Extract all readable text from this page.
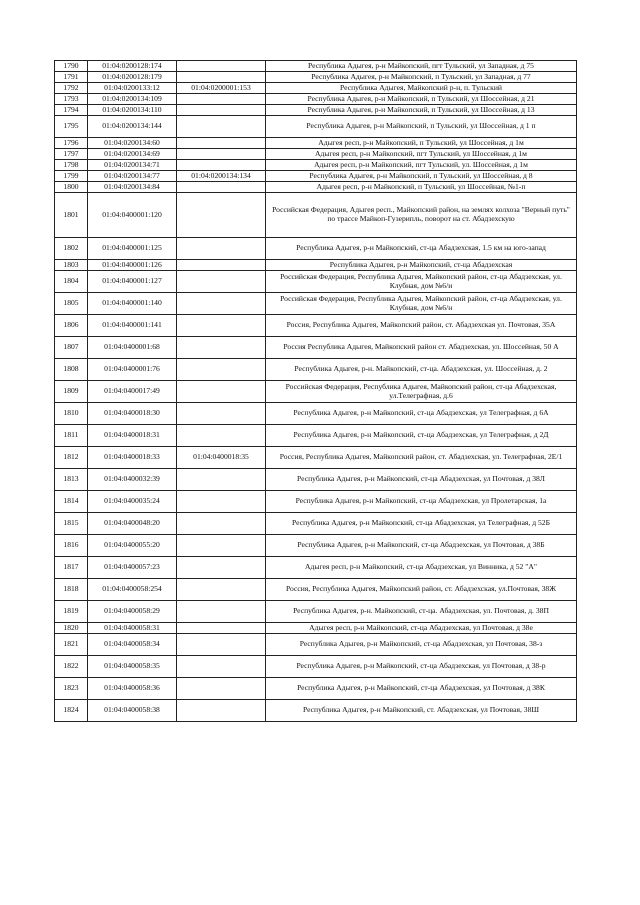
1790	01:04:0200128:174		Республика Адыгея, р-н Майкопский, пгт Тульский, ул Западная, д 75
1791	01:04:0200128:179		Республика Адыгея, р-н Майкопский, п Тульский, ул Западная, д 77
1792	01:04:0200133:12	01:04:0200001:153	Республика Адыгея, Майкопский р-н, п. Тульский
1793	01:04:0200134:109		Республика Адыгея, р-н Майкопский, п Тульский, ул Шоссейная, д 21
1794	01:04:0200134:110		Республика Адыгея, р-н Майкопский, п Тульский, ул Шоссейная, д 13
1795	01:04:0200134:144		Республика Адыгея, р-н Майкопский, п Тульский, ул Шоссейная, д 1 п
1796	01:04:0200134:60		Адыгея респ, р-н Майкопский, п Тульский, ул Шоссейная, д 1м
1797	01:04:0200134:69		Адыгея респ, р-н Майкопский, пгт Тульский, ул Шоссейная, д 1м
1798	01:04:0200134:71		Адыгея респ, р-н Майкопский, пгт Тульский, ул. Шоссейная, д 1м
1799	01:04:0200134:77	01:04:0200134:134	Республика Адыгея, р-н Майкопский, п Тульский, ул Шоссейная, д 8
1800	01:04:0200134:84		Адыгея респ, р-н Майкопский, п Тульский, ул Шоссейная, №1-п
1801	01:04:0400001:120		Российская Федерация, Адыгея респ., Майкопский район, на землях колхоза "Верный путь" по трассе Майкоп-Гузерипль, поворот на ст. Абадзехскую
1802	01:04:0400001:125		Республика Адыгея, р-н Майкопский, ст-ца Абадзехская, 1.5 км на юго-запад
1803	01:04:0400001:126		Республика Адыгея, р-н Майкопский, ст-ца Абадзехская
1804	01:04:0400001:127		Российская Федерация, Республика Адыгея, Майкопский район, ст-ца Абадзехская, ул. Клубная, дом №6/и
1805	01:04:0400001:140		Российская Федерация, Республика Адыгея, Майкопский район, ст-ца Абадзехская, ул. Клубная, дом №6/н
1806	01:04:0400001:141		Россия, Республика Адыгея, Майкопский район, ст. Абадзехская ул. Почтовая, 35А
1807	01:04:0400001:68		Россия Республика Адыгея, Майкопский район ст. Абадзехская, ул. Шоссейная, 50 А
1808	01:04:0400001:76		Республика Адыгея, р-н. Майкопский, ст-ца. Абадзехская, ул. Шоссейная, д. 2
1809	01:04:0400017:49		Российская Федерация, Республика Адыгея, Майкопский район, ст-ца Абадзехская, ул.Телеграфная, д.6
1810	01:04:0400018:30		Республика Адыгея, р-н Майкопский, ст-ца Абадзехская, ул Телеграфная, д 6А
1811	01:04:0400018:31		Республика Адыгея, р-н Майкопский, ст-ца Абадзехская, ул Телеграфная, д 2Д
1812	01:04:0400018:33	01:04:0400018:35	Россия, Республика Адыгея, Майкопский район, ст. Абадзехская, ул. Телеграфная, 2Е/1
1813	01:04:0400032:39		Республика Адыгея, р-н Майкопский, ст-ца Абадзехская, ул Почтовая, д 38Л
1814	01:04:0400035:24		Республика Адыгея, р-н Майкопский, ст-ца Абадзехская, ул Пролетарская, 1а
1815	01:04:0400048:20		Республика Адыгея, р-н Майкопский, ст-ца Абадзехская, ул Телеграфная, д 52Б
1816	01:04:0400055:20		Республика Адыгея, р-н Майкопский, ст-ца Абадзехская, ул Почтовая, д 38Б
1817	01:04:0400057:23		Адыгея респ, р-н Майкопский, ст-ца Абадзехская, ул Винника, д 52 "А"
1818	01:04:0400058:254		Россия, Республика Адыгея, Майкопский район, ст. Абадзехская, ул.Почтовая, 38Ж
1819	01:04:0400058:29		Республика Адыгея, р-н. Майкопский, ст-ца. Абадзехская, ул. Почтовая, д. 38П
1820	01:04:0400058:31		Адыгея респ, р-н Майкопский, ст-ца Абадзехская, ул Почтовая, д 38е
1821	01:04:0400058:34		Республика Адыгея, р-н Майкопский, ст-ца Абадзехская, ул Почтовая, 38-з
1822	01:04:0400058:35		Республика Адыгея, р-н Майкопский, ст-ца Абадзехская, ул Почтовая, д 38-р
1823	01:04:0400058:36		Республика Адыгея, р-н Майкопский, ст-ца Абадзехская, ул Почтовая, д 38К
1824	01:04:0400058:38		Республика Адыгея, р-н Майкопский, ст. Абадзехская, ул Почтовая, 38Ш
